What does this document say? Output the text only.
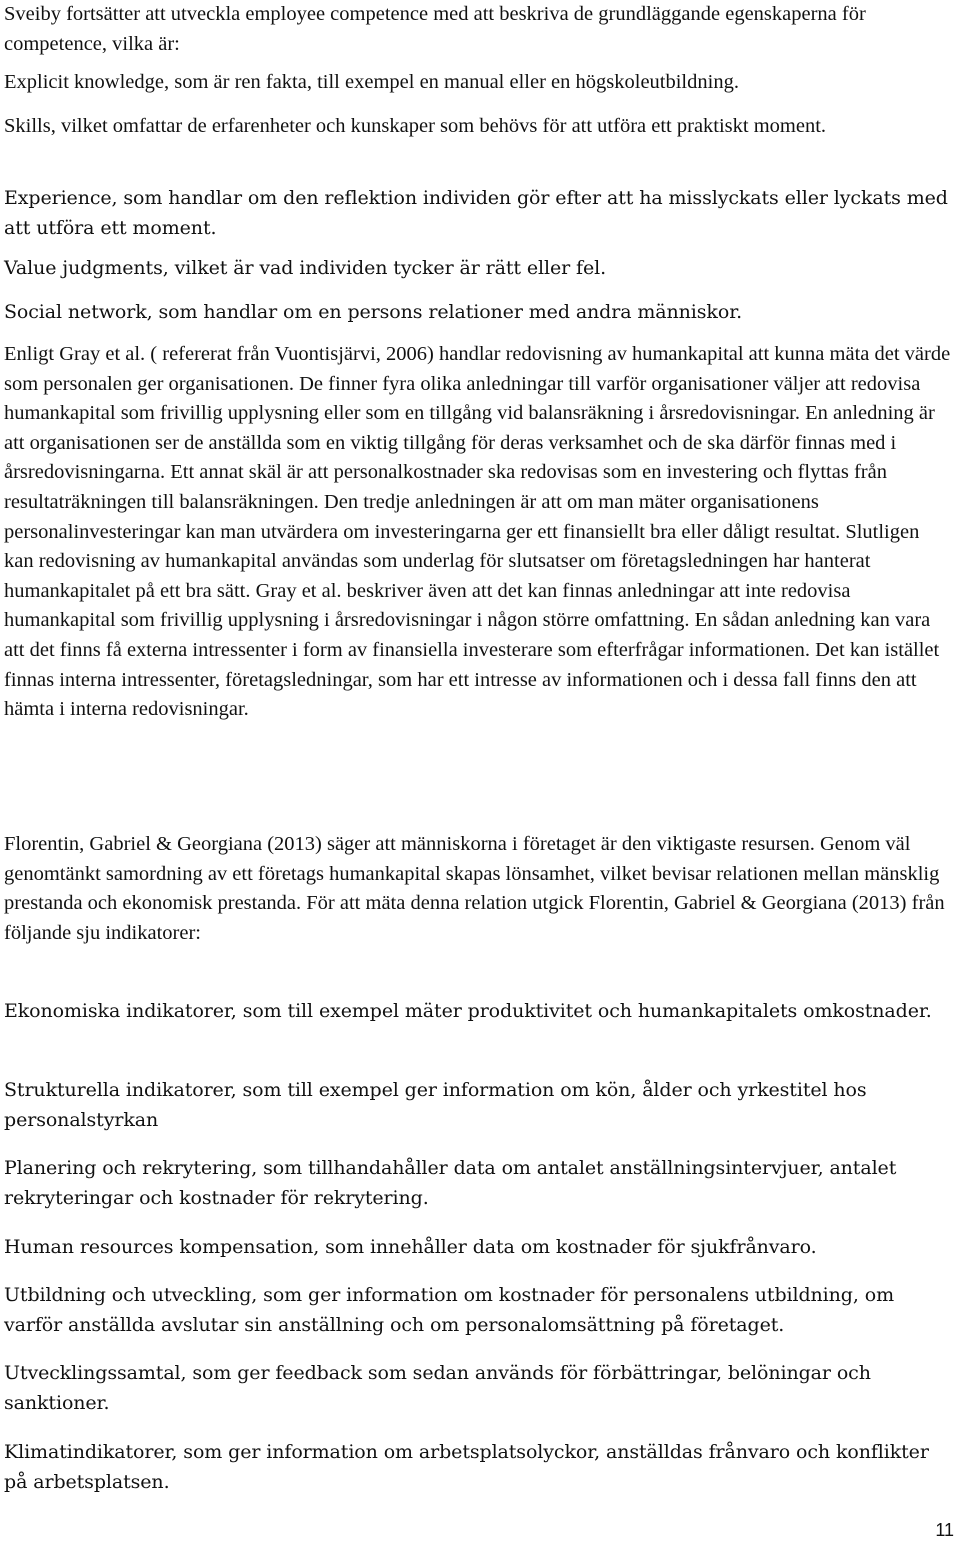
Sveiby fortsätter att utveckla employee competence med att beskriva de grundläggande egenskaperna för competence, vilka är:

Explicit knowledge, som är ren fakta, till exempel en manual eller en högskoleutbildning.

Skills, vilket omfattar de erfarenheter och kunskaper som behövs för att utföra ett praktiskt moment.

Experience, som handlar om den reflektion individen gör efter att ha misslyckats eller lyckats med att utföra ett moment.

Value judgments, vilket är vad individen tycker är rätt eller fel.

Social network, som handlar om en persons relationer med andra människor.

Enligt Gray et al. ( refererat från Vuontisjärvi, 2006) handlar redovisning av humankapital att kunna mäta det värde som personalen ger organisationen. De finner fyra olika anledningar till varför organisationer väljer att redovisa humankapital som frivillig upplysning eller som en tillgång vid balansräkning i årsredovisningar. En anledning är att organisationen ser de anställda som en viktig tillgång för deras verksamhet och de ska därför finnas med i årsredovisningarna. Ett annat skäl är att personalkostnader ska redovisas som en investering och flyttas från resultaträkningen till balansräkningen. Den tredje anledningen är att om man mäter organisationens personalinvesteringar kan man utvärdera om investeringarna ger ett finansiellt bra eller dåligt resultat. Slutligen kan redovisning av humankapital användas som underlag för slutsatser om företagsledningen har hanterat humankapitalet på ett bra sätt. Gray et al. beskriver även att det kan finnas anledningar att inte redovisa humankapital som frivillig upplysning i årsredovisningar i någon större omfattning. En sådan anledning kan vara att det finns få externa intressenter i form av finansiella investerare som efterfrågar informationen. Det kan istället finnas interna intressenter, företagsledningar, som har ett intresse av informationen och i dessa fall finns den att hämta i interna redovisningar.

Florentin, Gabriel & Georgiana (2013) säger att människorna i företaget är den viktigaste resursen. Genom väl genomtänkt samordning av ett företags humankapital skapas lönsamhet, vilket bevisar relationen mellan mänsklig prestanda och ekonomisk prestanda. För att mäta denna relation utgick Florentin, Gabriel & Georgiana (2013) från följande sju indikatorer:

Ekonomiska indikatorer, som till exempel mäter produktivitet och humankapitalets omkostnader.

Strukturella indikatorer, som till exempel ger information om kön, ålder och yrkestitel hos personalstyrkan

Planering och rekrytering, som tillhandahåller data om antalet anställningsintervjuer, antalet rekryteringar och kostnader för rekrytering.

Human resources kompensation, som innehåller data om kostnader för sjukfrånvaro.

Utbildning och utveckling, som ger information om kostnader för personalens utbildning, om varför anställda avslutar sin anställning och om personalomsättning på företaget.

Utvecklingssamtal, som ger feedback som sedan används för förbättringar, belöningar och sanktioner.

Klimatindikatorer, som ger information om arbetsplatsolyckor, anställdas frånvaro och konflikter på arbetsplatsen.

11
